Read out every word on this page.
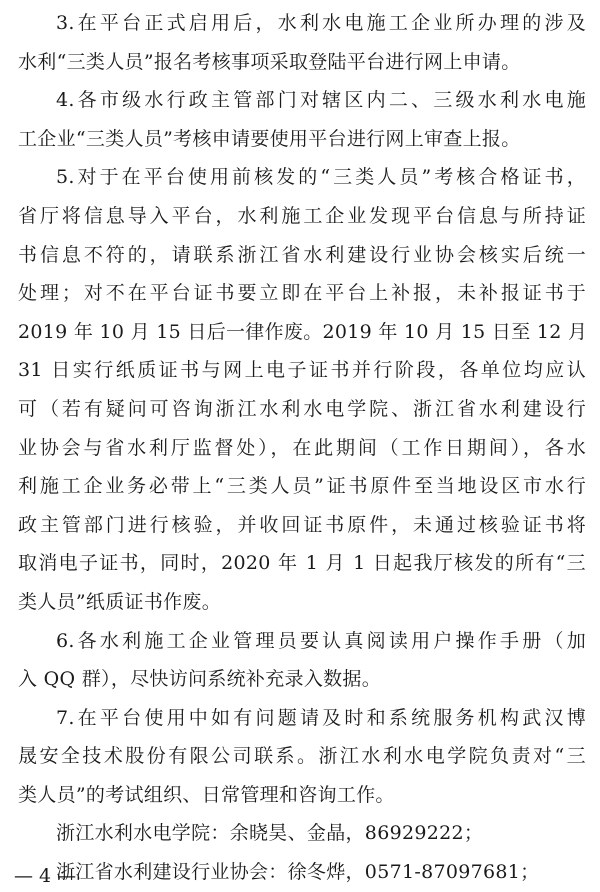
3.在平台正式启用后，水利水电施工企业所办理的涉及
水利“三类人员”报名考核事项采取登陆平台进行网上申请。

4.各市级水行政主管部门对辖区内二、三级水利水电施
工企业“三类人员”考核申请要使用平台进行网上审查上报。

5.对于在平台使用前核发的“三类人员”考核合格证书，
省厅将信息导入平台，水利施工企业发现平台信息与所持证
书信息不符的，请联系浙江省水利建设行业协会核实后统一
处理；对不在平台证书要立即在平台上补报，未补报证书于
2019 年 10 月 15 日后一律作废。2019 年 10 月 15 日至 12 月
31 日实行纸质证书与网上电子证书并行阶段，各单位均应认
可（若有疑问可咨询浙江水利水电学院、浙江省水利建设行
业协会与省水利厅监督处），在此期间（工作日期间），各水
利施工企业务必带上“三类人员”证书原件至当地设区市水行
政主管部门进行核验，并收回证书原件，未通过核验证书将
取消电子证书，同时，2020 年 1 月 1 日起我厅核发的所有“三
类人员”纸质证书作废。

6.各水利施工企业管理员要认真阅读用户操作手册（加
入 QQ 群），尽快访问系统补充录入数据。

7.在平台使用中如有问题请及时和系统服务机构武汉博
晟安全技术股份有限公司联系。浙江水利水电学院负责对“三
类人员”的考试组织、日常管理和咨询工作。

浙江水利水电学院：余晓昊、金晶，86929222；

浙江省水利建设行业协会：徐冬烨，0571-87097681；

— 4 —
